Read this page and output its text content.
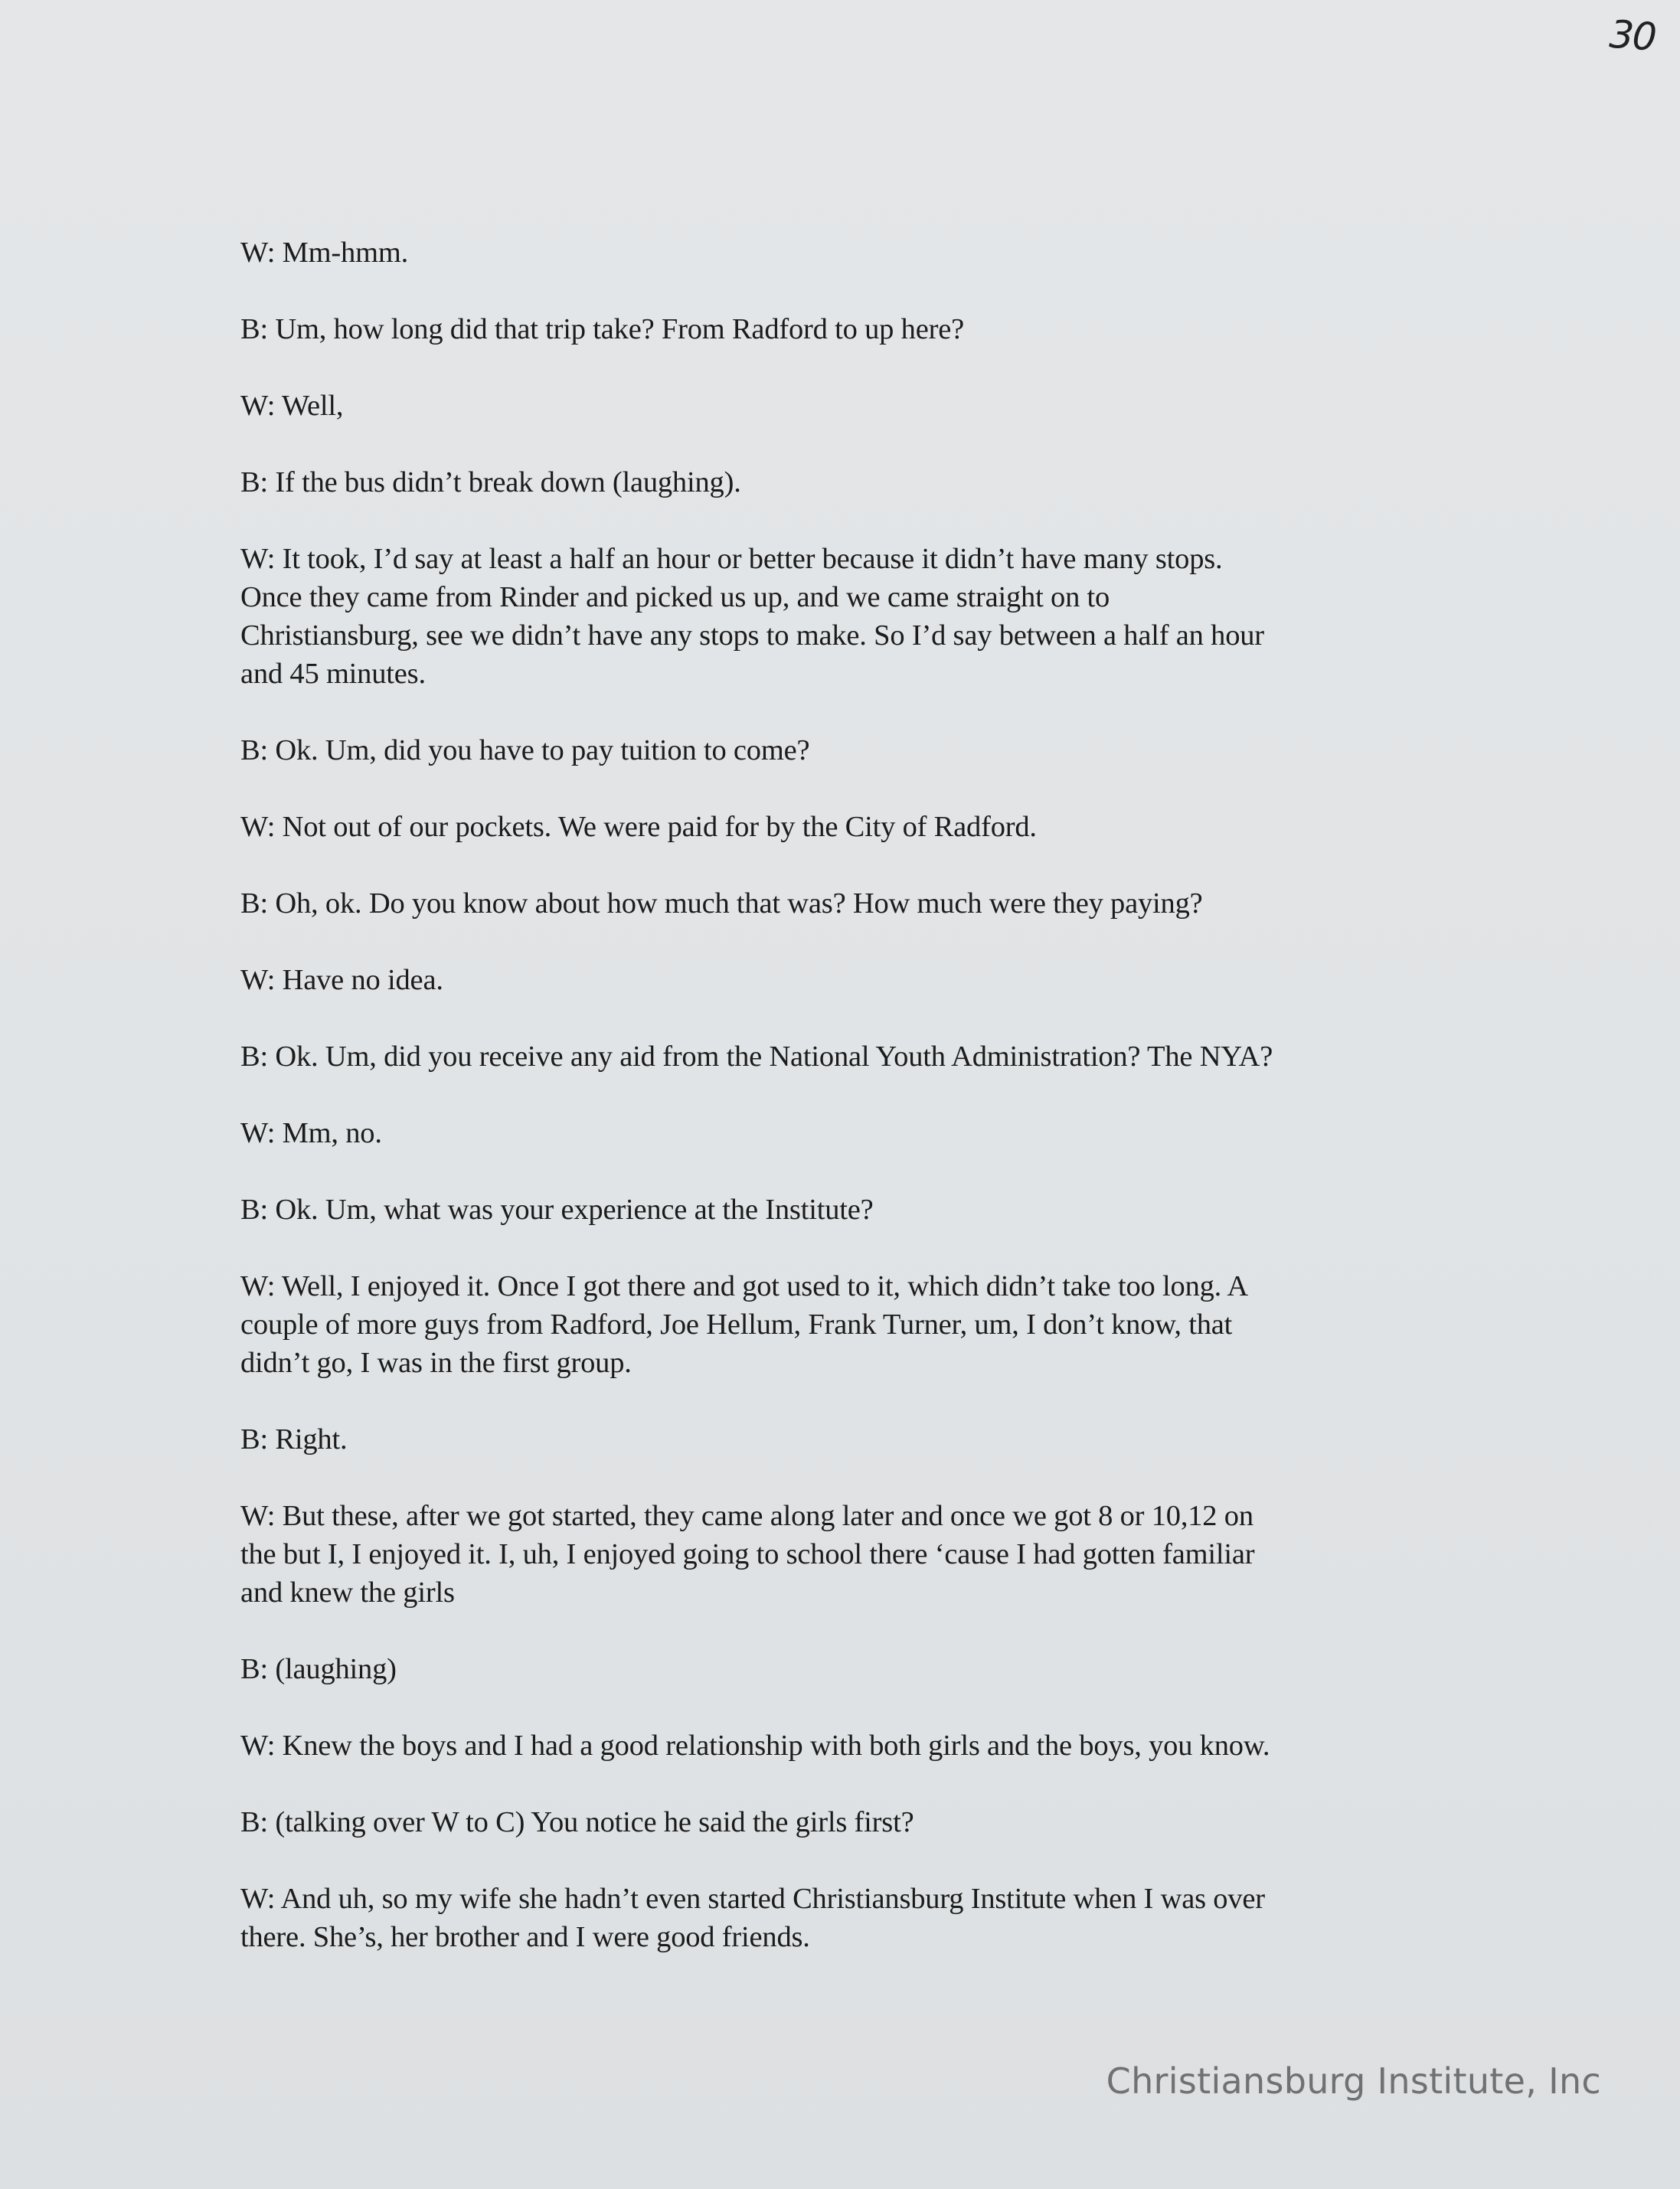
30

W: Mm-hmm.

B: Um, how long did that trip take? From Radford to up here?

W: Well,

B: If the bus didn’t break down (laughing).

W: It took, I’d say at least a half an hour or better because it didn’t have many stops.
Once they came from Rinder and picked us up, and we came straight on to
Christiansburg, see we didn’t have any stops to make. So I’d say between a half an hour
and 45 minutes.

B: Ok. Um, did you have to pay tuition to come?

W: Not out of our pockets. We were paid for by the City of Radford.

B: Oh, ok. Do you know about how much that was? How much were they paying?

W: Have no idea.

B: Ok. Um, did you receive any aid from the National Youth Administration? The NYA?

W: Mm, no.

B: Ok. Um, what was your experience at the Institute?

W: Well, I enjoyed it. Once I got there and got used to it, which didn’t take too long. A
couple of more guys from Radford, Joe Hellum, Frank Turner, um, I don’t know, that
didn’t go, I was in the first group.

B: Right.

W: But these, after we got started, they came along later and once we got 8 or 10,12 on
the but I, I enjoyed it. I, uh, I enjoyed going to school there ‘cause I had gotten familiar
and knew the girls

B: (laughing)

W: Knew the boys and I had a good relationship with both girls and the boys, you know.

B: (talking over W to C) You notice he said the girls first?

W: And uh, so my wife she hadn’t even started Christiansburg Institute when I was over
there. She’s, her brother and I were good friends.

Christiansburg Institute, Inc
